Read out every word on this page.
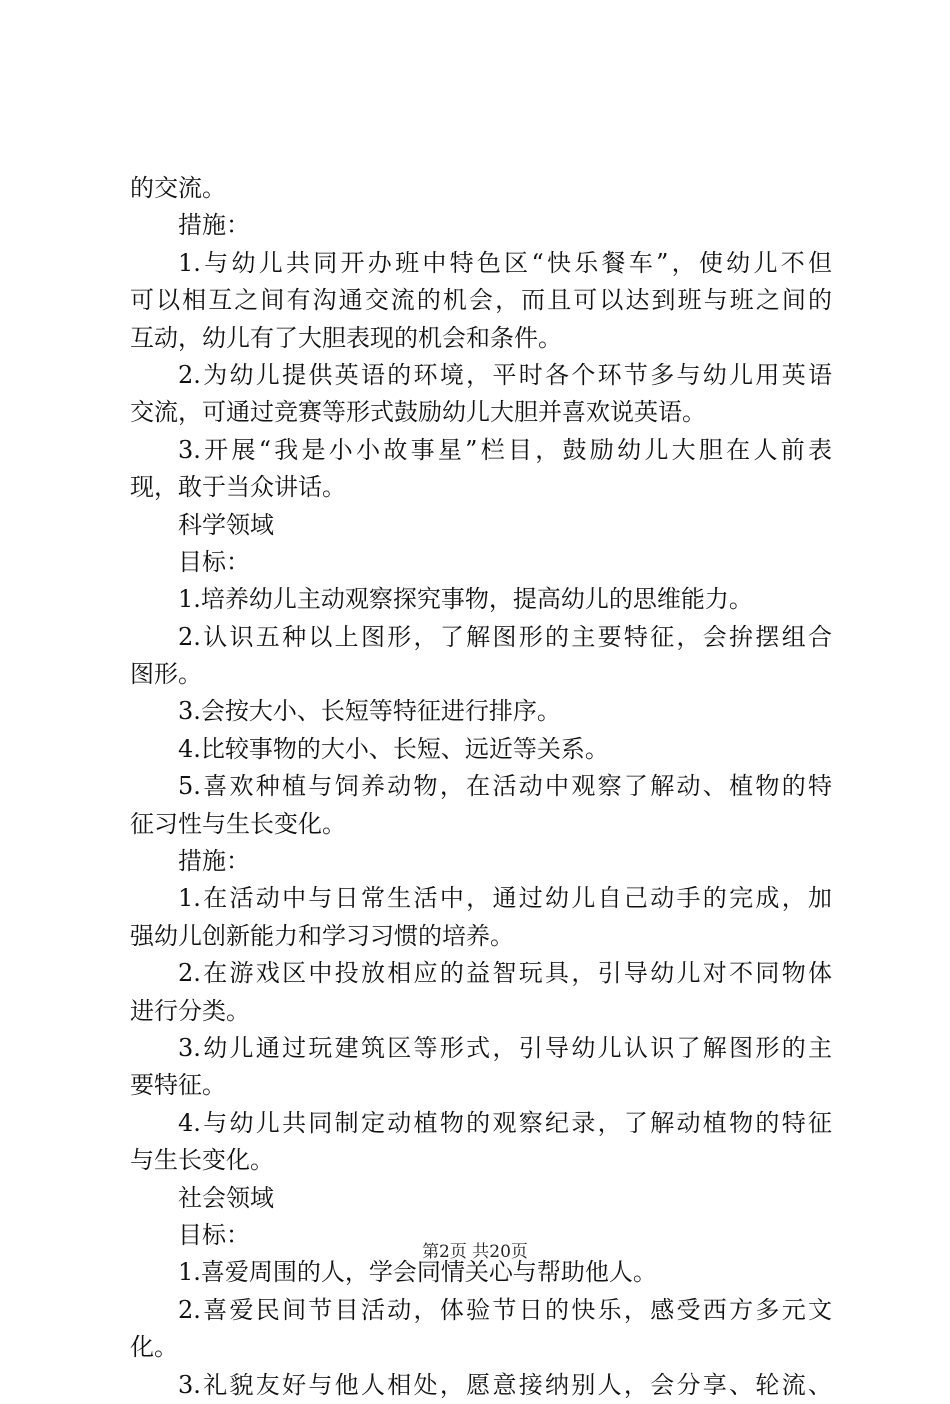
的交流。
措施：
1.与幼儿共同开办班中特色区“快乐餐车”，使幼儿不但
可以相互之间有沟通交流的机会，而且可以达到班与班之间的
互动，幼儿有了大胆表现的机会和条件。
2.为幼儿提供英语的环境，平时各个环节多与幼儿用英语
交流，可通过竞赛等形式鼓励幼儿大胆并喜欢说英语。
3.开展“我是小小故事星”栏目，鼓励幼儿大胆在人前表
现，敢于当众讲话。
科学领域
目标：
1.培养幼儿主动观察探究事物，提高幼儿的思维能力。
2.认识五种以上图形，了解图形的主要特征，会拚摆组合
图形。
3.会按大小、长短等特征进行排序。
4.比较事物的大小、长短、远近等关系。
5.喜欢种植与饲养动物，在活动中观察了解动、植物的特
征习性与生长变化。
措施：
1.在活动中与日常生活中，通过幼儿自己动手的完成，加
强幼儿创新能力和学习习惯的培养。
2.在游戏区中投放相应的益智玩具，引导幼儿对不同物体
进行分类。
3.幼儿通过玩建筑区等形式，引导幼儿认识了解图形的主
要特征。
4.与幼儿共同制定动植物的观察纪录，了解动植物的特征
与生长变化。
社会领域
目标：
1.喜爱周围的人，学会同情关心与帮助他人。
2.喜爱民间节目活动，体验节日的快乐，感受西方多元文
化。
3.礼貌友好与他人相处，愿意接纳别人，会分享、轮流、
第2页 共20页
